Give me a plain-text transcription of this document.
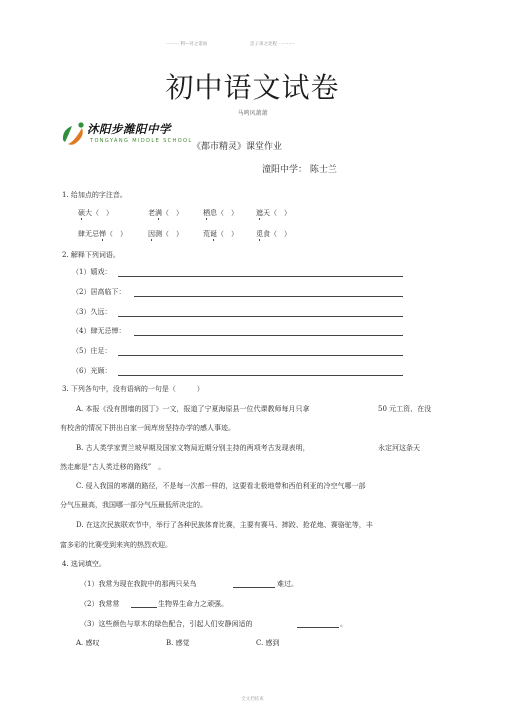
········· 利—对之诺亟	忠子弟之迩程 · ·········
初中语文试卷
马鸣风萧萧
沐阳步潍阳中学
TONGYANG MIDDLE SCHOOL
《都市精灵》课堂作业
潼阳中学： 陈士兰
1. 给加点的字注音。
硕大（　）	老满（　）	栖息（　）	遮天（　）
肆无忌惮（　）	因测（　）	荒诞（　）	觅食（　）
2. 解释下列词语。
（1）嬉戏：
（2）居高临下：
（3）久远：
（4）肆无忌惮：
（5）庄足：
（6）光顾：
3. 下列各句中，没有语病的一句是（　　　）
A. 本报《没有围墙的园丁》一文，报道了宁夏海原县一位代课教师每月只拿	50 元工资、在没
有校舍的情况下拼出自家一间库房坚持办学的感人事迹。
B. 古人类学家贾兰坡早期及国家文物局近期分别主持的两项考古发现表明，	永定河这条天
然走廊是“古人类迁移的路线”　。
C. 侵入我国的寒潮的路径，不是每一次都一样的，这要看北极地带和西伯利亚的冷空气哪一部
分气压最高，我国哪一部分气压最低所决定的。
D. 在这次民族联欢节中，举行了各种民族体育比赛，主要有赛马、摔跤、抢花炮、赛骆驼等，丰
富多彩的比赛受到来宾的热烈欢迎。
4. 选词填空。
（1）我常为现在我院中的那两只呆鸟	难过。
（2）我常常	生物界生命力之顽强。
（3）这些颜色与草木的绿色配合，引起人们安静闲适的	。
A. 感叹	B. 感觉	C. 感到
全文档结束
